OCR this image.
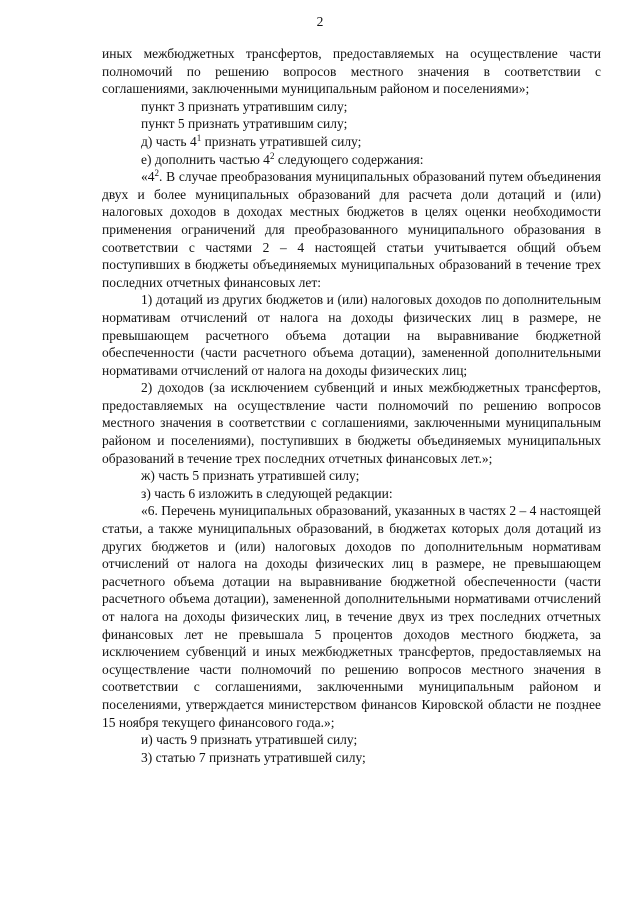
2

иных межбюджетных трансфертов, предоставляемых на осуществление части полномочий по решению вопросов местного значения в соответствии с соглашениями, заключенными муниципальным районом и поселениями»;

пункт 3 признать утратившим силу;

пункт 5 признать утратившим силу;

д) часть $4^1$ признать утратившей силу;

е) дополнить частью $4^2$ следующего содержания:

«$4^2$. В случае преобразования муниципальных образований путем объединения двух и более муниципальных образований для расчета доли дотаций и (или) налоговых доходов в доходах местных бюджетов в целях оценки необходимости применения ограничений для преобразованного муниципального образования в соответствии с частями 2 – 4 настоящей статьи учитывается общий объем поступивших в бюджеты объединяемых муниципальных образований в течение трех последних отчетных финансовых лет:

1) дотаций из других бюджетов и (или) налоговых доходов по дополнительным нормативам отчислений от налога на доходы физических лиц в размере, не превышающем расчетного объема дотации на выравнивание бюджетной обеспеченности (части расчетного объема дотации), замененной дополнительными нормативами отчислений от налога на доходы физических лиц;

2) доходов (за исключением субвенций и иных межбюджетных трансфертов, предоставляемых на осуществление части полномочий по решению вопросов местного значения в соответствии с соглашениями, заключенными муниципальным районом и поселениями), поступивших в бюджеты объединяемых муниципальных образований в течение трех последних отчетных финансовых лет.»;

ж) часть 5 признать утратившей силу;

з) часть 6 изложить в следующей редакции:

«6. Перечень муниципальных образований, указанных в частях 2 – 4 настоящей статьи, а также муниципальных образований, в бюджетах которых доля дотаций из других бюджетов и (или) налоговых доходов по дополнительным нормативам отчислений от налога на доходы физических лиц в размере, не превышающем расчетного объема дотации на выравнивание бюджетной обеспеченности (части расчетного объема дотации), замененной дополнительными нормативами отчислений от налога на доходы физических лиц, в течение двух из трех последних отчетных финансовых лет не превышала 5 процентов доходов местного бюджета, за исключением субвенций и иных межбюджетных трансфертов, предоставляемых на осуществление части полномочий по решению вопросов местного значения в соответствии с соглашениями, заключенными муниципальным районом и поселениями, утверждается министерством финансов Кировской области не позднее 15 ноября текущего финансового года.»;

и) часть 9 признать утратившей силу;

3) статью 7 признать утратившей силу;
